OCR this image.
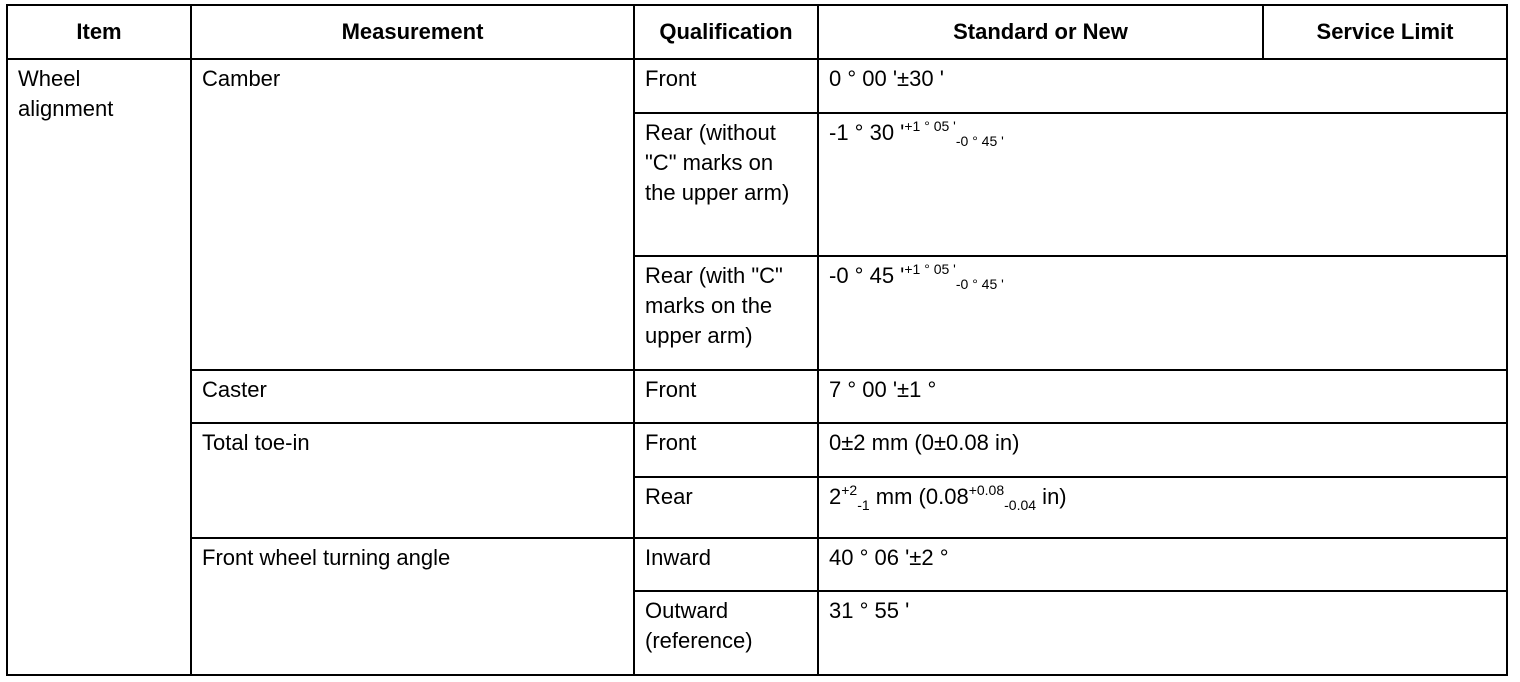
Item	Measurement	Qualification	Standard or New	Service Limit
Wheel alignment	Camber	Front	0 ° 00 '±30 '	
		Rear (without "C" marks on the upper arm)	-1 ° 30 '$^{+1 ^\circ 05 '}_{-0 ^\circ 45 '}$
		Rear (with "C" marks on the upper arm)	-0 ° 45 '$^{+1 ^\circ 05 '}_{-0 ^\circ 45 '}$
	Caster	Front	7 ° 00 '±1 °	
	Total toe-in	Front	0±2 mm (0±0.08 in)	
		Rear	$2^{+2}_{-1}$ mm ($0.08^{+0.08}_{-0.04}$ in)	
	Front wheel turning angle	Inward	40 ° 06 '±2 °	
		Outward (reference)	31 ° 55 '	
